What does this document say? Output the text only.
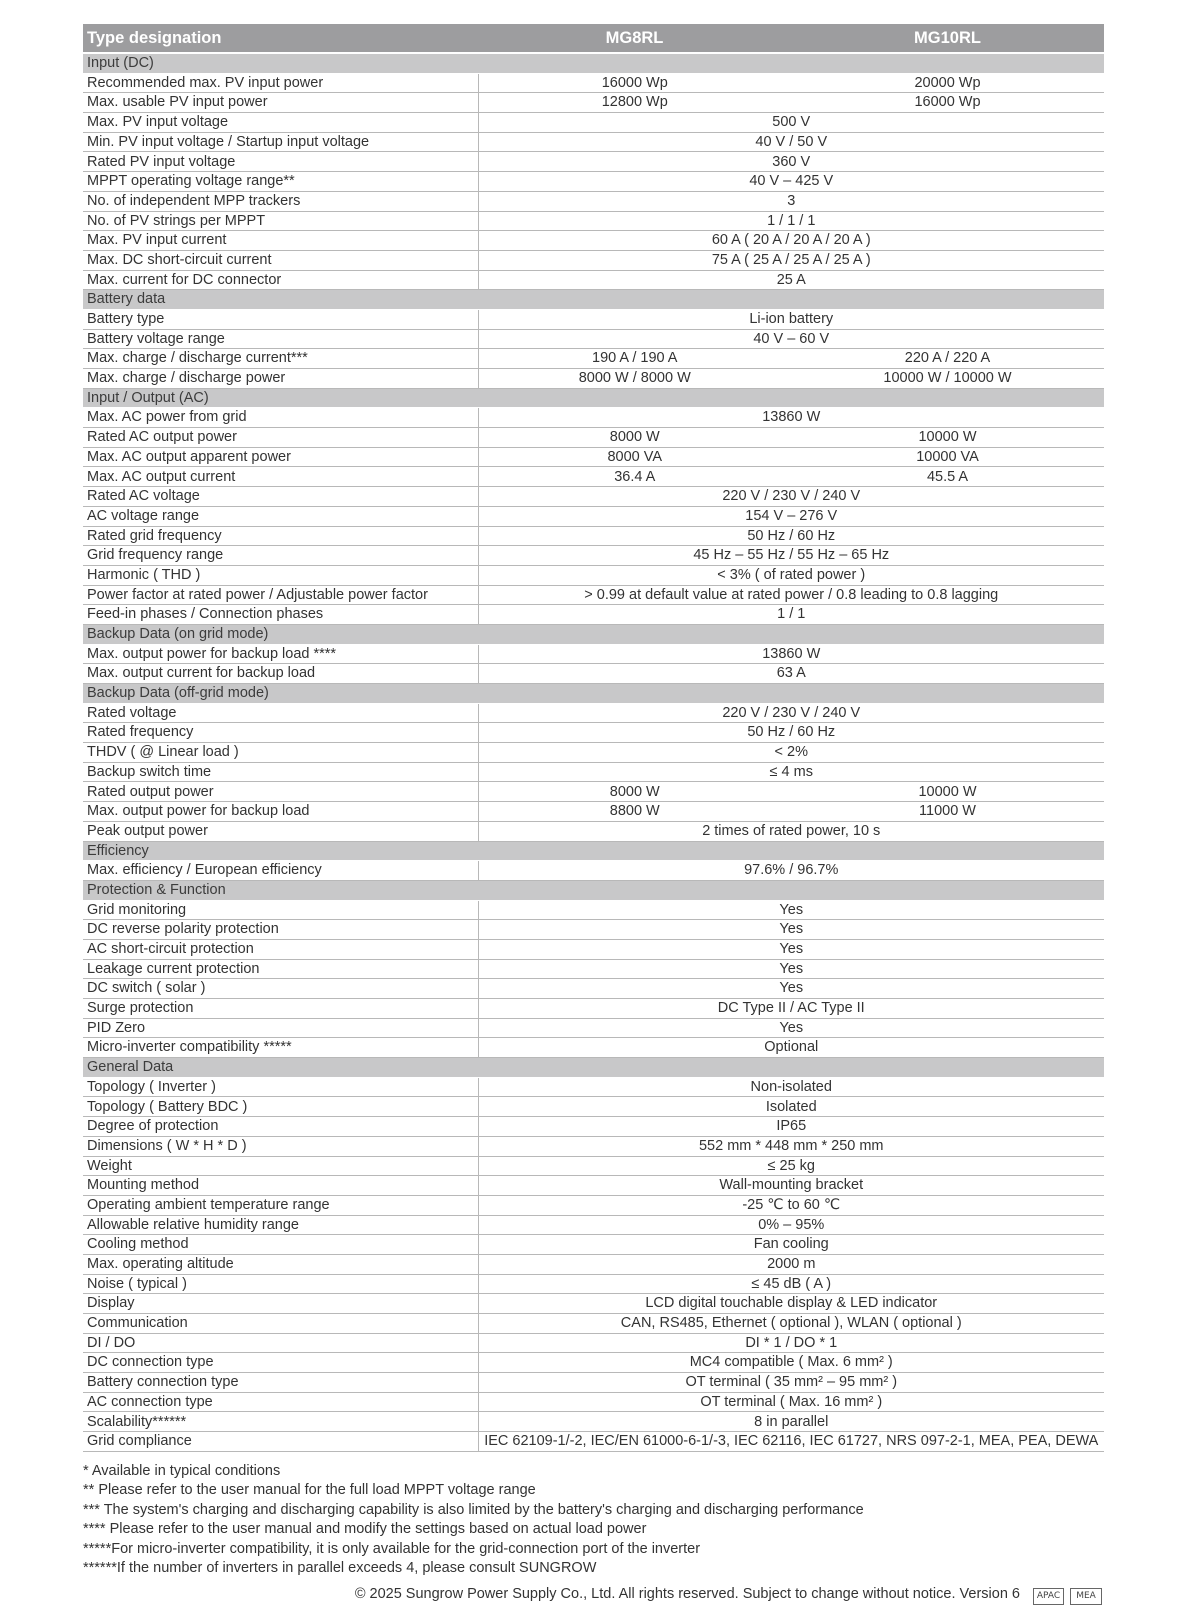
Type designation	MG8RL	MG10RL
Input (DC)		
Recommended max. PV input power	16000 Wp	20000 Wp
Max. usable PV input power	12800 Wp	16000 Wp
Max. PV input voltage	500 V	
Min. PV input voltage / Startup input voltage	40 V / 50 V	
Rated PV input voltage	360 V	
MPPT operating voltage range**	40 V – 425 V	
No. of independent MPP trackers	3	
No. of PV strings per MPPT	1 / 1 / 1	
Max. PV input current	60 A ( 20 A / 20 A / 20 A )	
Max. DC short-circuit current	75 A ( 25 A / 25 A / 25 A )	
Max. current for DC connector	25 A	
Battery data		
Battery type	Li-ion battery	
Battery voltage range	40 V – 60 V	
Max. charge / discharge current***	190 A / 190 A	220 A / 220 A
Max. charge / discharge power	8000 W / 8000 W	10000 W / 10000 W
Input / Output (AC)		
Max. AC power from grid	13860 W	
Rated AC output power	8000 W	10000 W
Max. AC output apparent power	8000 VA	10000 VA
Max. AC output current	36.4 A	45.5 A
Rated AC voltage	220 V / 230 V / 240 V	
AC voltage range	154 V – 276 V	
Rated grid frequency	50 Hz / 60 Hz	
Grid frequency range	45 Hz – 55 Hz / 55 Hz – 65 Hz	
Harmonic ( THD )	< 3% ( of rated power )	
Power factor at rated power / Adjustable power factor	> 0.99 at default value at rated power / 0.8 leading to 0.8 lagging	
Feed-in phases / Connection phases	1 / 1	
Backup Data (on grid mode)		
Max. output power for backup load ****	13860 W	
Max. output current for backup load	63 A	
Backup Data (off-grid mode)		
Rated voltage	220 V / 230 V / 240 V	
Rated frequency	50 Hz / 60 Hz	
THDV ( @ Linear load )	< 2%	
Backup switch time	≤ 4 ms	
Rated output power	8000 W	10000 W
Max. output power for backup load	8800 W	11000 W
Peak output power	2 times of rated power, 10 s	
Efficiency		
Max. efficiency / European efficiency	97.6% / 96.7%	
Protection & Function		
Grid monitoring	Yes	
DC reverse polarity protection	Yes	
AC short-circuit protection	Yes	
Leakage current protection	Yes	
DC switch ( solar )	Yes	
Surge protection	DC Type II / AC Type II	
PID Zero	Yes	
Micro-inverter compatibility *****	Optional	
General Data		
Topology ( Inverter )	Non-isolated	
Topology ( Battery BDC )	Isolated	
Degree of protection	IP65	
Dimensions ( W * H * D )	552 mm * 448 mm * 250 mm	
Weight	≤ 25 kg	
Mounting method	Wall-mounting bracket	
Operating ambient temperature range	-25 ℃ to 60 ℃	
Allowable relative humidity range	0% – 95%	
Cooling method	Fan cooling	
Max. operating altitude	2000 m	
Noise ( typical )	≤ 45 dB ( A )	
Display	LCD digital touchable display & LED indicator	
Communication	CAN, RS485, Ethernet ( optional ), WLAN ( optional )	
DI / DO	DI * 1 / DO * 1	
DC connection type	MC4 compatible ( Max. 6 mm² )	
Battery connection type	OT terminal ( 35 mm² – 95 mm² )	
AC connection type	OT terminal ( Max. 16 mm² )	
Scalability******	8 in parallel	
Grid compliance	IEC 62109-1/-2, IEC/EN 61000-6-1/-3, IEC 62116, IEC 61727, NRS 097-2-1, MEA, PEA, DEWA	
* Available in typical conditions
** Please refer to the user manual for the full load MPPT voltage range
*** The system's charging and discharging capability is also limited by the battery's charging and discharging performance
**** Please refer to the user manual and modify the settings based on actual load power
*****For micro-inverter compatibility, it is only available for the grid-connection port of the inverter
******If the number of inverters in parallel exceeds 4, please consult SUNGROW
© 2025 Sungrow Power Supply Co., Ltd. All rights reserved. Subject to change without notice. Version 6	APAC	MEA
